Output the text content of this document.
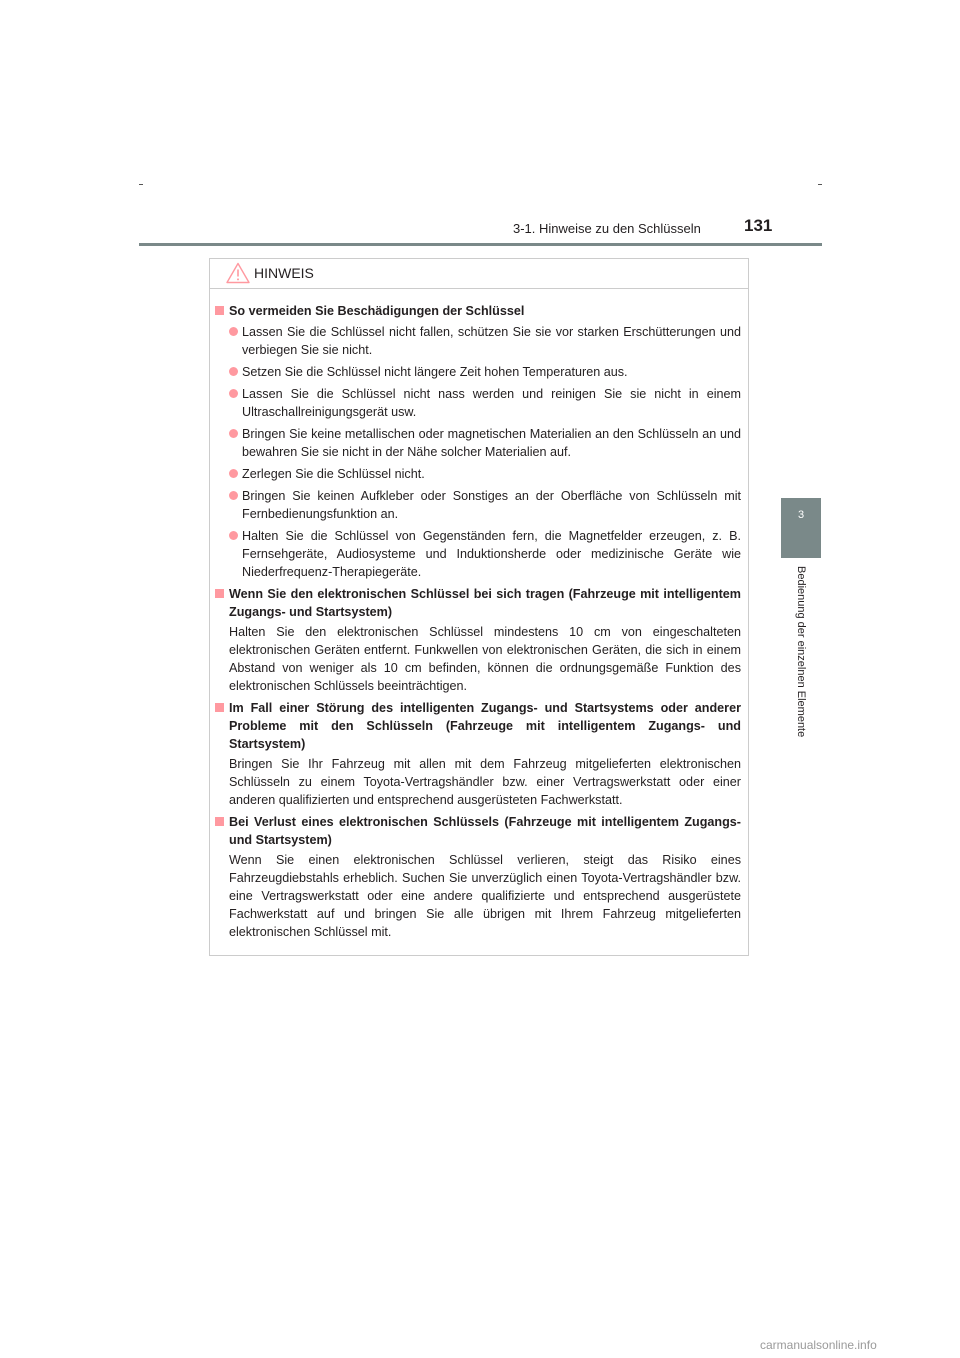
3-1. Hinweise zu den Schlüsseln	131
3
Bedienung der einzelnen Elemente
HINWEIS
So vermeiden Sie Beschädigungen der Schlüssel
Lassen Sie die Schlüssel nicht fallen, schützen Sie sie vor starken Erschütterungen und verbiegen Sie sie nicht.
Setzen Sie die Schlüssel nicht längere Zeit hohen Temperaturen aus.
Lassen Sie die Schlüssel nicht nass werden und reinigen Sie sie nicht in einem Ultraschallreinigungsgerät usw.
Bringen Sie keine metallischen oder magnetischen Materialien an den Schlüsseln an und bewahren Sie sie nicht in der Nähe solcher Materialien auf.
Zerlegen Sie die Schlüssel nicht.
Bringen Sie keinen Aufkleber oder Sonstiges an der Oberfläche von Schlüsseln mit Fernbedienungsfunktion an.
Halten Sie die Schlüssel von Gegenständen fern, die Magnetfelder erzeugen, z. B. Fernsehgeräte, Audiosysteme und Induktionsherde oder medizinische Geräte wie Niederfrequenz-Therapiegeräte.
Wenn Sie den elektronischen Schlüssel bei sich tragen (Fahrzeuge mit intelligentem Zugangs- und Startsystem)
Halten Sie den elektronischen Schlüssel mindestens 10 cm von eingeschalteten elektronischen Geräten entfernt. Funkwellen von elektronischen Geräten, die sich in einem Abstand von weniger als 10 cm befinden, können die ordnungsgemäße Funktion des elektronischen Schlüssels beeinträchtigen.
Im Fall einer Störung des intelligenten Zugangs- und Startsystems oder anderer Probleme mit den Schlüsseln (Fahrzeuge mit intelligentem Zugangs- und Startsystem)
Bringen Sie Ihr Fahrzeug mit allen mit dem Fahrzeug mitgelieferten elektronischen Schlüsseln zu einem Toyota-Vertragshändler bzw. einer Vertragswerkstatt oder einer anderen qualifizierten und entsprechend ausgerüsteten Fachwerkstatt.
Bei Verlust eines elektronischen Schlüssels (Fahrzeuge mit intelligentem Zugangs- und Startsystem)
Wenn Sie einen elektronischen Schlüssel verlieren, steigt das Risiko eines Fahrzeugdiebstahls erheblich. Suchen Sie unverzüglich einen Toyota-Vertragshändler bzw. eine Vertragswerkstatt oder eine andere qualifizierte und entsprechend ausgerüstete Fachwerkstatt auf und bringen Sie alle übrigen mit Ihrem Fahrzeug mitgelieferten elektronischen Schlüssel mit.
carmanualsonline.info
